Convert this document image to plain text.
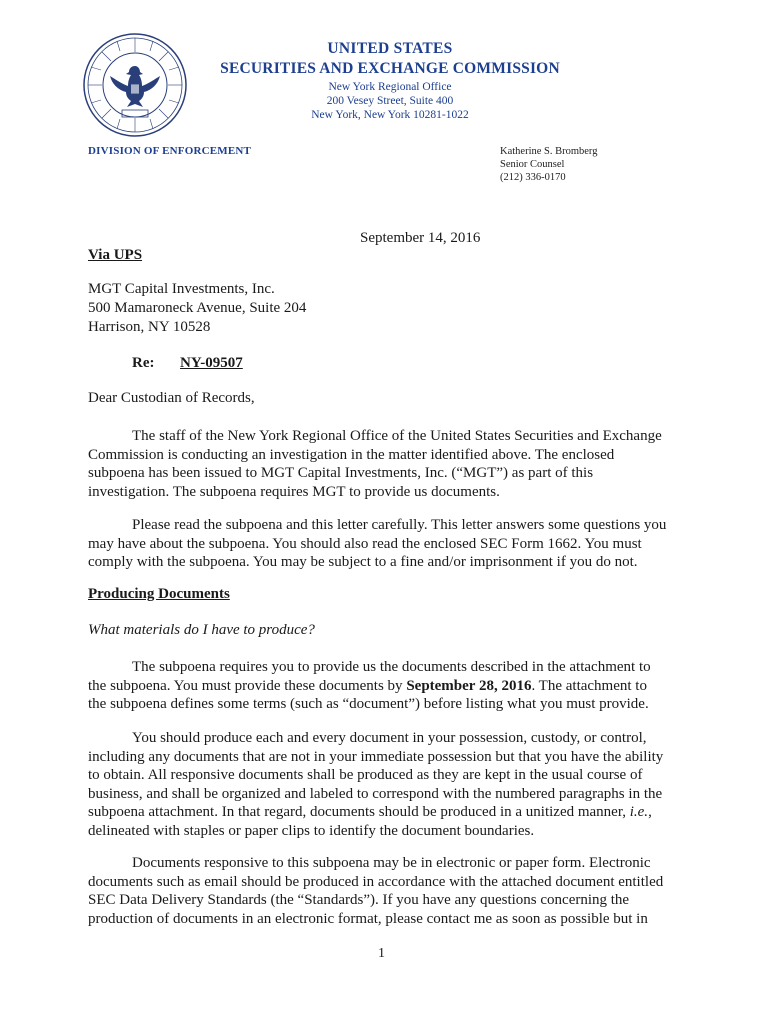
UNITED STATES
SECURITIES AND EXCHANGE COMMISSION
New York Regional Office
200 Vesey Street, Suite 400
New York, New York 10281-1022
DIVISION OF ENFORCEMENT	Katherine S. Bromberg
Senior Counsel
(212) 336-0170
September 14, 2016
Via UPS
MGT Capital Investments, Inc.
500 Mamaroneck Avenue, Suite 204
Harrison, NY 10528
Re: NY-09507
Dear Custodian of Records,
The staff of the New York Regional Office of the United States Securities and Exchange
Commission is conducting an investigation in the matter identified above. The enclosed
subpoena has been issued to MGT Capital Investments, Inc. (“MGT”) as part of this
investigation. The subpoena requires MGT to provide us documents.
Please read the subpoena and this letter carefully. This letter answers some questions you
may have about the subpoena. You should also read the enclosed SEC Form 1662. You must
comply with the subpoena. You may be subject to a fine and/or imprisonment if you do not.
Producing Documents
What materials do I have to produce?
The subpoena requires you to provide us the documents described in the attachment to
the subpoena. You must provide these documents by September 28, 2016. The attachment to
the subpoena defines some terms (such as “document”) before listing what you must provide.
You should produce each and every document in your possession, custody, or control,
including any documents that are not in your immediate possession but that you have the ability
to obtain. All responsive documents shall be produced as they are kept in the usual course of
business, and shall be organized and labeled to correspond with the numbered paragraphs in the
subpoena attachment. In that regard, documents should be produced in a unitized manner, i.e.,
delineated with staples or paper clips to identify the document boundaries.
Documents responsive to this subpoena may be in electronic or paper form. Electronic
documents such as email should be produced in accordance with the attached document entitled
SEC Data Delivery Standards (the “Standards”). If you have any questions concerning the
production of documents in an electronic format, please contact me as soon as possible but in
1
